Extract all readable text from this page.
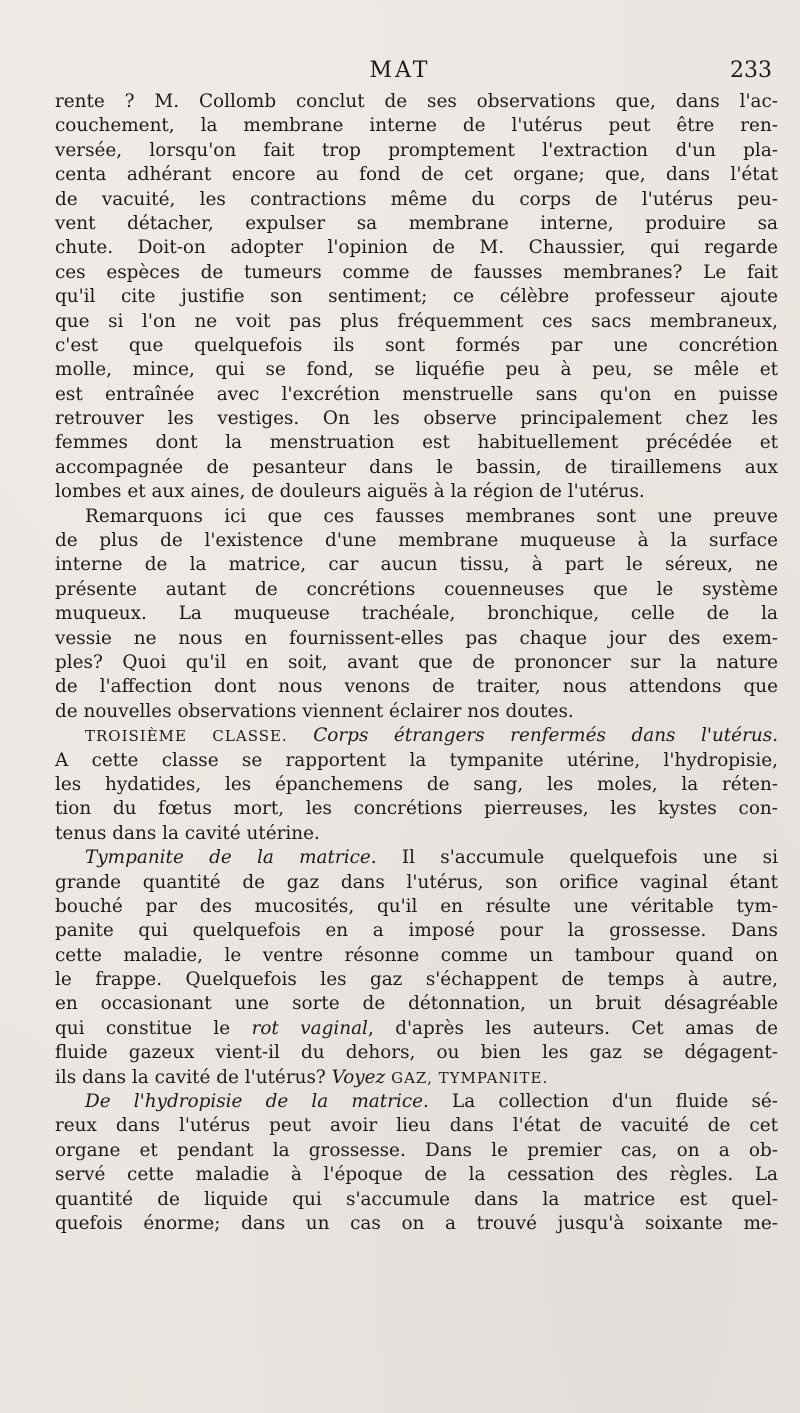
MAT	233
rente ? M. Collomb conclut de ses observations que, dans l'ac-
couchement, la membrane interne de l'utérus peut être ren-
versée, lorsqu'on fait trop promptement l'extraction d'un pla-
centa adhérant encore au fond de cet organe; que, dans l'état
de vacuité, les contractions même du corps de l'utérus peu-
vent détacher, expulser sa membrane interne, produire sa
chute. Doit-on adopter l'opinion de M. Chaussier, qui regarde
ces espèces de tumeurs comme de fausses membranes? Le fait
qu'il cite justifie son sentiment; ce célèbre professeur ajoute
que si l'on ne voit pas plus fréquemment ces sacs membraneux,
c'est que quelquefois ils sont formés par une concrétion
molle, mince, qui se fond, se liquéfie peu à peu, se mêle et
est entraînée avec l'excrétion menstruelle sans qu'on en puisse
retrouver les vestiges. On les observe principalement chez les
femmes dont la menstruation est habituellement précédée et
accompagnée de pesanteur dans le bassin, de tiraillemens aux
lombes et aux aines, de douleurs aiguës à la région de l'utérus.
Remarquons ici que ces fausses membranes sont une preuve
de plus de l'existence d'une membrane muqueuse à la surface
interne de la matrice, car aucun tissu, à part le séreux, ne
présente autant de concrétions couenneuses que le système
muqueux. La muqueuse trachéale, bronchique, celle de la
vessie ne nous en fournissent-elles pas chaque jour des exem-
ples? Quoi qu'il en soit, avant que de prononcer sur la nature
de l'affection dont nous venons de traiter, nous attendons que
de nouvelles observations viennent éclairer nos doutes.
TROISIÈME CLASSE. Corps étrangers renfermés dans l'utérus.
A cette classe se rapportent la tympanite utérine, l'hydropisie,
les hydatides, les épanchemens de sang, les moles, la réten-
tion du fœtus mort, les concrétions pierreuses, les kystes con-
tenus dans la cavité utérine.
Tympanite de la matrice. Il s'accumule quelquefois une si
grande quantité de gaz dans l'utérus, son orifice vaginal étant
bouché par des mucosités, qu'il en résulte une véritable tym-
panite qui quelquefois en a imposé pour la grossesse. Dans
cette maladie, le ventre résonne comme un tambour quand on
le frappe. Quelquefois les gaz s'échappent de temps à autre,
en occasionant une sorte de détonnation, un bruit désagréable
qui constitue le rot vaginal, d'après les auteurs. Cet amas de
fluide gazeux vient-il du dehors, ou bien les gaz se dégagent-
ils dans la cavité de l'utérus? Voyez GAZ, TYMPANITE.
De l'hydropisie de la matrice. La collection d'un fluide sé-
reux dans l'utérus peut avoir lieu dans l'état de vacuité de cet
organe et pendant la grossesse. Dans le premier cas, on a ob-
servé cette maladie à l'époque de la cessation des règles. La
quantité de liquide qui s'accumule dans la matrice est quel-
quefois énorme; dans un cas on a trouvé jusqu'à soixante me-
